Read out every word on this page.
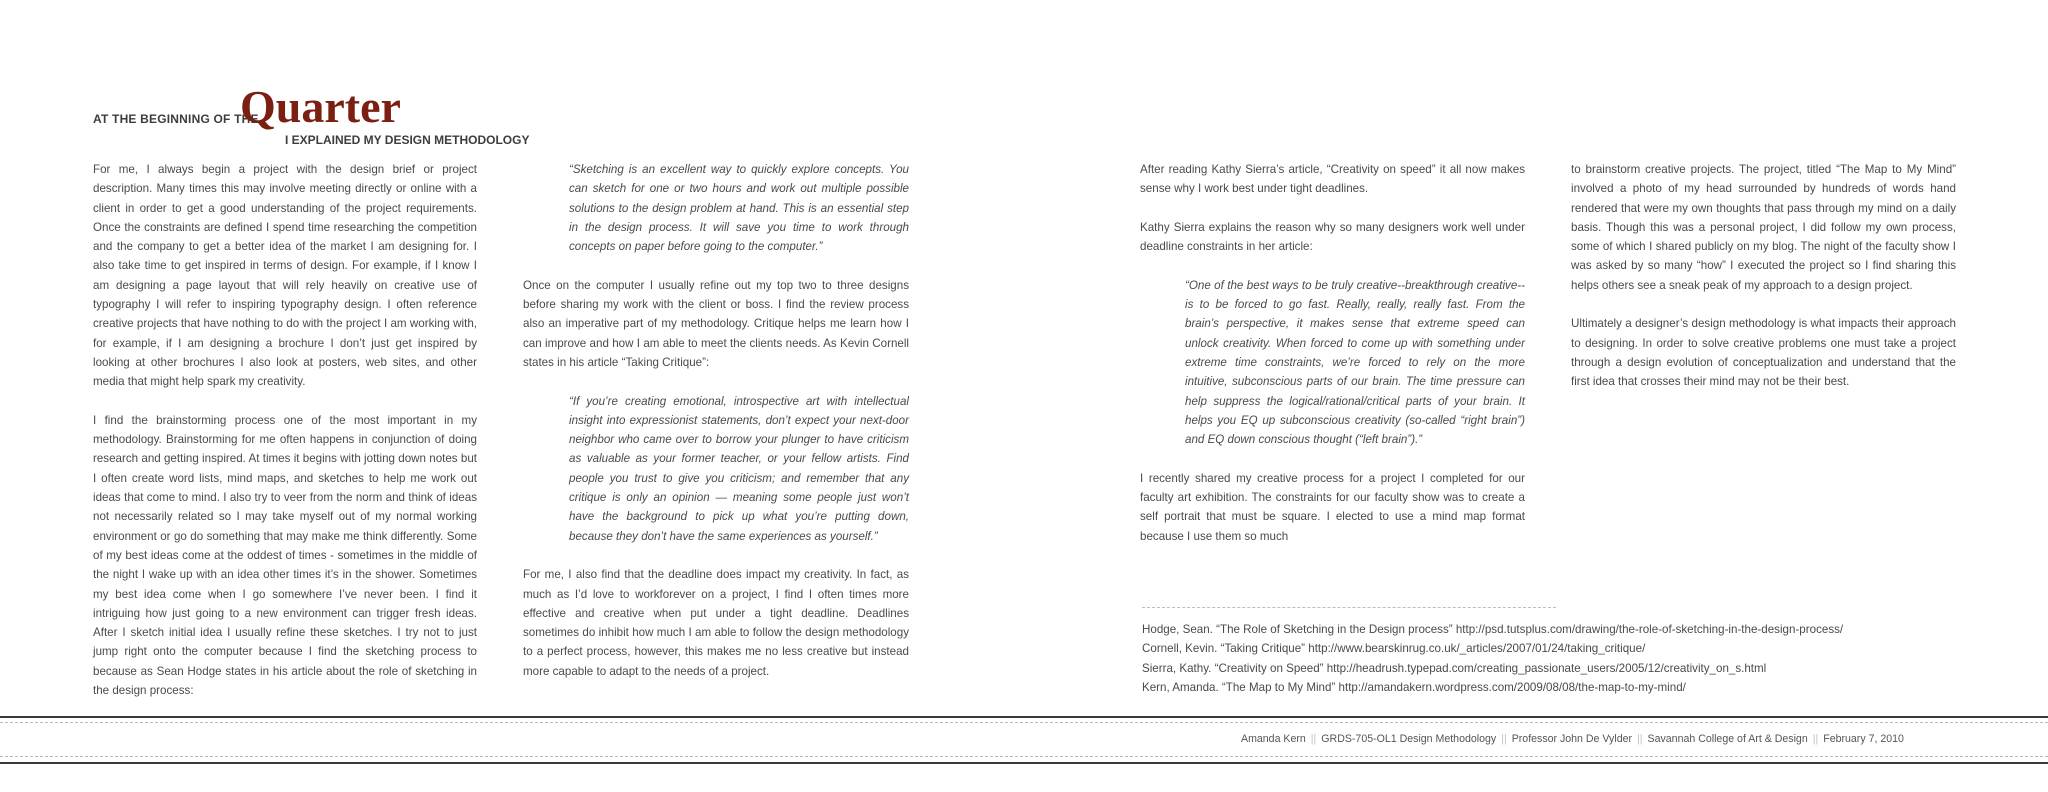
AT THE BEGINNING OF THE
Quarter
I EXPLAINED MY DESIGN METHODOLOGY

For me, I always begin a project with the design brief or project description. Many times this may involve meeting directly or online with a client in order to get a good understanding of the project requirements. Once the constraints are defined I spend time researching the competition and the company to get a better idea of the market I am designing for. I also take time to get inspired in terms of design. For example, if I know I am designing a page layout that will rely heavily on creative use of typography I will refer to inspiring typography design. I often reference creative projects that have nothing to do with the project I am working with, for example, if I am designing a brochure I don’t just get inspired by looking at other brochures I also look at posters, web sites, and other media that might help spark my creativity.

I find the brainstorming process one of the most important in my methodology. Brainstorming for me often happens in conjunction of doing research and getting inspired. At times it begins with jotting down notes but I often create word lists, mind maps, and sketches to help me work out ideas that come to mind. I also try to veer from the norm and think of ideas not necessarily related so I may take myself out of my normal working environment or go do something that may make me think differently. Some of my best ideas come at the oddest of times - sometimes in the middle of the night I wake up with an idea other times it’s in the shower. Sometimes my best idea come when I go somewhere I’ve never been. I find it intriguing how just going to a new environment can trigger fresh ideas. After I sketch initial idea I usually refine these sketches. I try not to just jump right onto the computer because I find the sketching process to because as Sean Hodge states in his article about the role of sketching in the design process:

“Sketching is an excellent way to quickly explore concepts. You can sketch for one or two hours and work out multiple possible solutions to the design problem at hand. This is an essential step in the design process. It will save you time to work through concepts on paper before going to the computer.”

Once on the computer I usually refine out my top two to three designs before sharing my work with the client or boss. I find the review process also an imperative part of my methodology. Critique helps me learn how I can improve and how I am able to meet the clients needs. As Kevin Cornell states in his article “Taking Critique”:

“If you’re creating emotional, introspective art with intellectual insight into expressionist statements, don’t expect your next-door neighbor who came over to borrow your plunger to have criticism as valuable as your former teacher, or your fellow artists. Find people you trust to give you criticism; and remember that any critique is only an opinion — meaning some people just won’t have the background to pick up what you’re putting down, because they don’t have the same experiences as yourself.”

For me, I also find that the deadline does impact my creativity. In fact, as much as I’d love to workforever on a project, I find I often times more effective and creative when put under a tight deadline. Deadlines sometimes do inhibit how much I am able to follow the design methodology to a perfect process, however, this makes me no less creative but instead more capable to adapt to the needs of a project.

After reading Kathy Sierra’s article, “Creativity on speed” it all now makes sense why I work best under tight deadlines.

Kathy Sierra explains the reason why so many designers work well under deadline constraints in her article:

“One of the best ways to be truly creative--breakthrough creative--is to be forced to go fast. Really, really, really fast. From the brain’s perspective, it makes sense that extreme speed can unlock creativity. When forced to come up with something under extreme time constraints, we’re forced to rely on the more intuitive, subconscious parts of our brain. The time pressure can help suppress the logical/rational/critical parts of your brain. It helps you EQ up subconscious creativity (so-called “right brain”) and EQ down conscious thought (“left brain”).”

I recently shared my creative process for a project I completed for our faculty art exhibition. The constraints for our faculty show was to create a self portrait that must be square. I elected to use a mind map format because I use them so much

to brainstorm creative projects. The project, titled “The Map to My Mind” involved a photo of my head surrounded by hundreds of words hand rendered that were my own thoughts that pass through my mind on a daily basis. Though this was a personal project, I did follow my own process, some of which I shared publicly on my blog. The night of the faculty show I was asked by so many “how” I executed the project so I find sharing this helps others see a sneak peak of my approach to a design project.

Ultimately a designer’s design methodology is what impacts their approach to designing. In order to solve creative problems one must take a project through a design evolution of conceptualization and understand that the first idea that crosses their mind may not be their best.

Hodge, Sean. “The Role of Sketching in the Design process” http://psd.tutsplus.com/drawing/the-role-of-sketching-in-the-design-process/
Cornell, Kevin. “Taking Critique” http://www.bearskinrug.co.uk/_articles/2007/01/24/taking_critique/
Sierra, Kathy. “Creativity on Speed” http://headrush.typepad.com/creating_passionate_users/2005/12/creativity_on_s.html
Kern, Amanda. “The Map to My Mind” http://amandakern.wordpress.com/2009/08/08/the-map-to-my-mind/
Amanda Kern || GRDS-705-OL1 Design Methodology || Professor John De Vylder || Savannah College of Art & Design || February 7, 2010
